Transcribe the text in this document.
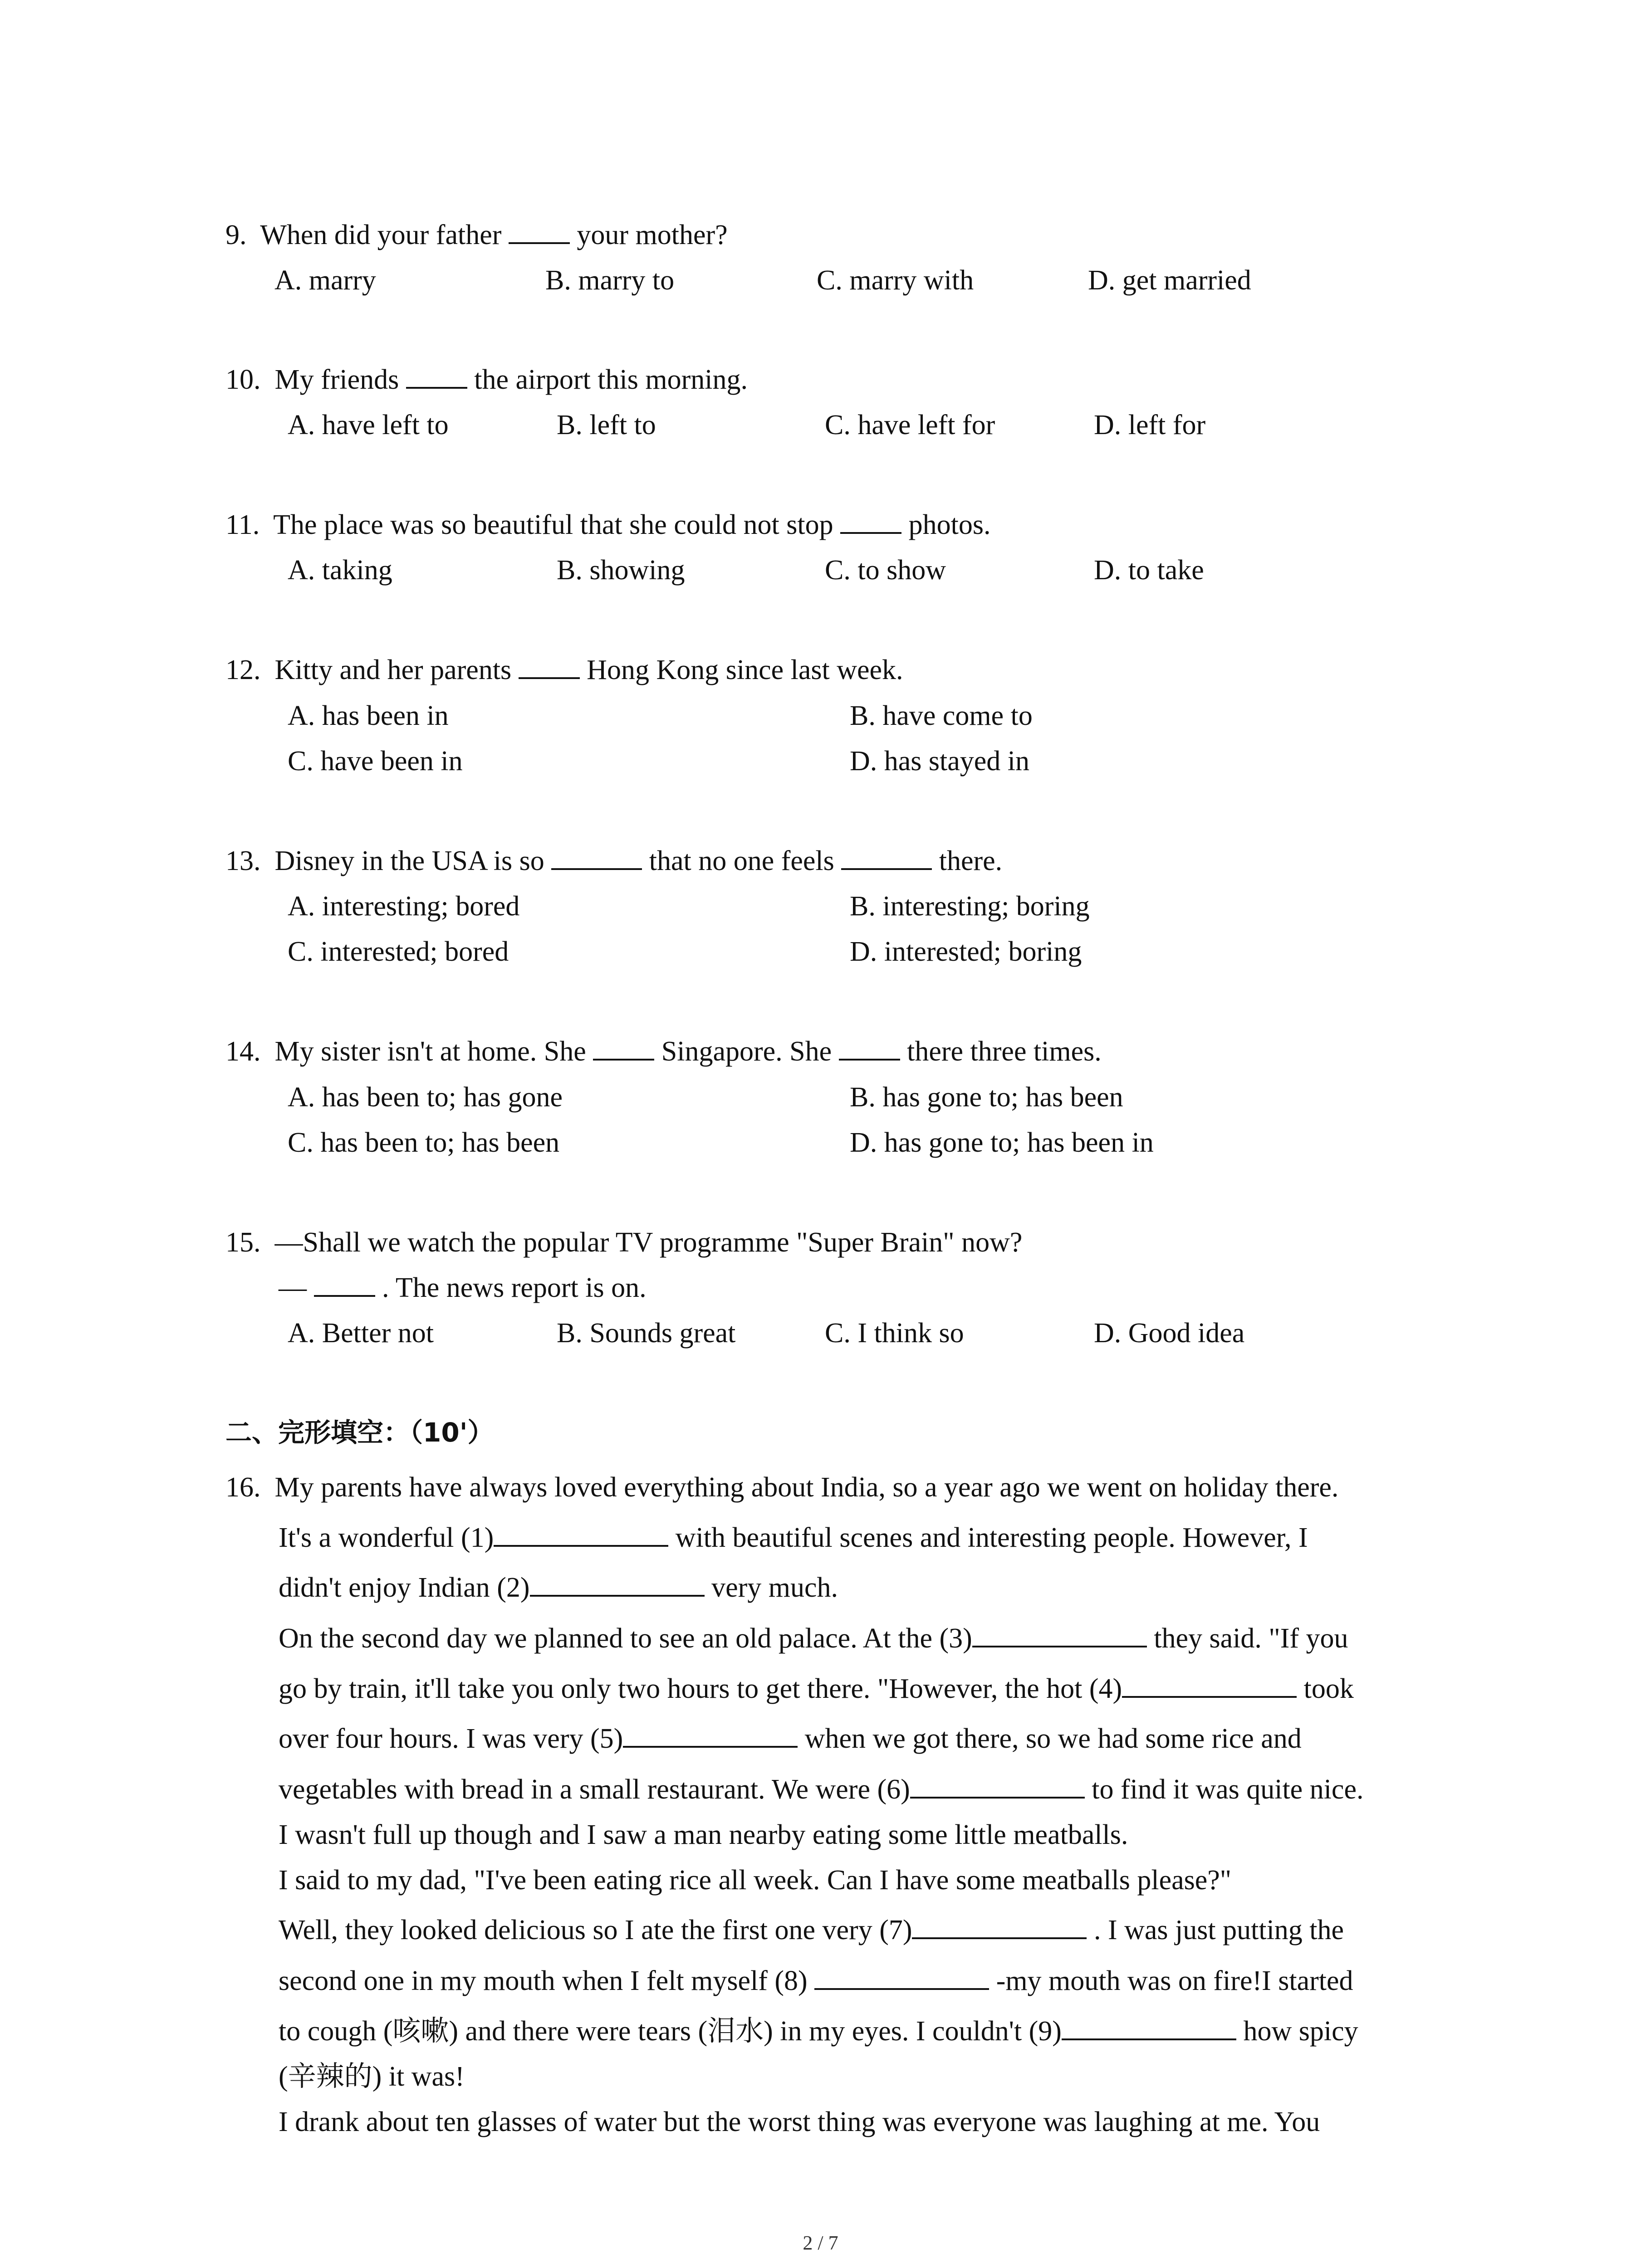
9. When did your father  your mother?
A. marry	B. marry to	C. marry with	D. get married
10. My friends  the airport this morning.
A. have left to	B. left to	C. have left for	D. left for
11. The place was so beautiful that she could not stop  photos.
A. taking	B. showing	C. to show	D. to take
12. Kitty and her parents  Hong Kong since last week.
A. has been in	B. have come to
C. have been in	D. has stayed in
13. Disney in the USA is so	that no one feels	there.
A. interesting; bored	B. interesting; boring
C. interested; bored	D. interested; boring
14. My sister isn't at home. She  Singapore. She  there three times.
A. has been to; has gone	B. has gone to; has been
C. has been to; has been	D. has gone to; has been in
15. —Shall we watch the popular TV programme "Super Brain" now?
—  . The news report is on.
A. Better not	B. Sounds great	C. I think so	D. Good idea
二、完形填空：（10'）
16. My parents have always loved everything about India, so a year ago we went on holiday there.
It's a wonderful (1)	with beautiful scenes and interesting people. However, I
didn't enjoy Indian (2)	very much.
On the second day we planned to see an old palace. At the (3)	they said. "If you
go by train, it'll take you only two hours to get there. "However, the hot (4)	took
over four hours. I was very (5)	when we got there, so we had some rice and
vegetables with bread in a small restaurant. We were (6)	to find it was quite nice.
I wasn't full up though and I saw a man nearby eating some little meatballs.
I said to my dad, "I've been eating rice all week. Can I have some meatballs please?"
Well, they looked delicious so I ate the first one very (7)	. I was just putting the
second one in my mouth when I felt myself (8)	-my mouth was on fire!I started
to cough (咳嗽) and there were tears (泪水) in my eyes. I couldn't (9)	how spicy
(辛辣的) it was!
I drank about ten glasses of water but the worst thing was everyone was laughing at me. You
2 / 7
